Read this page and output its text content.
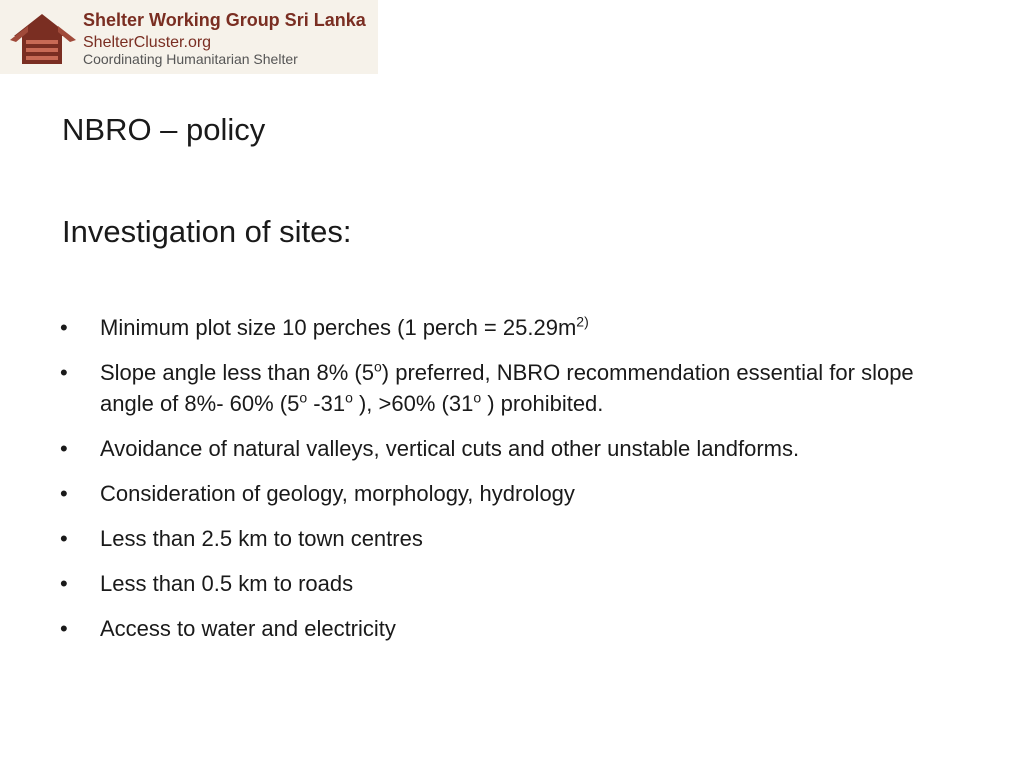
Shelter Working Group Sri Lanka
ShelterCluster.org
Coordinating Humanitarian Shelter
NBRO – policy
Investigation of sites:
• Minimum plot size 10 perches (1 perch = $25.29m^{2)}$
• Slope angle less than 8% (5$^o$) preferred, NBRO recommendation essential for slope angle of 8%- 60% (5$^o$ -31$^o$ ), >60% (31$^o$ ) prohibited.
• Avoidance of natural valleys, vertical cuts and other unstable landforms.
• Consideration of geology, morphology, hydrology
• Less than 2.5 km to town centres
• Less than 0.5 km to roads
• Access to water and electricity
